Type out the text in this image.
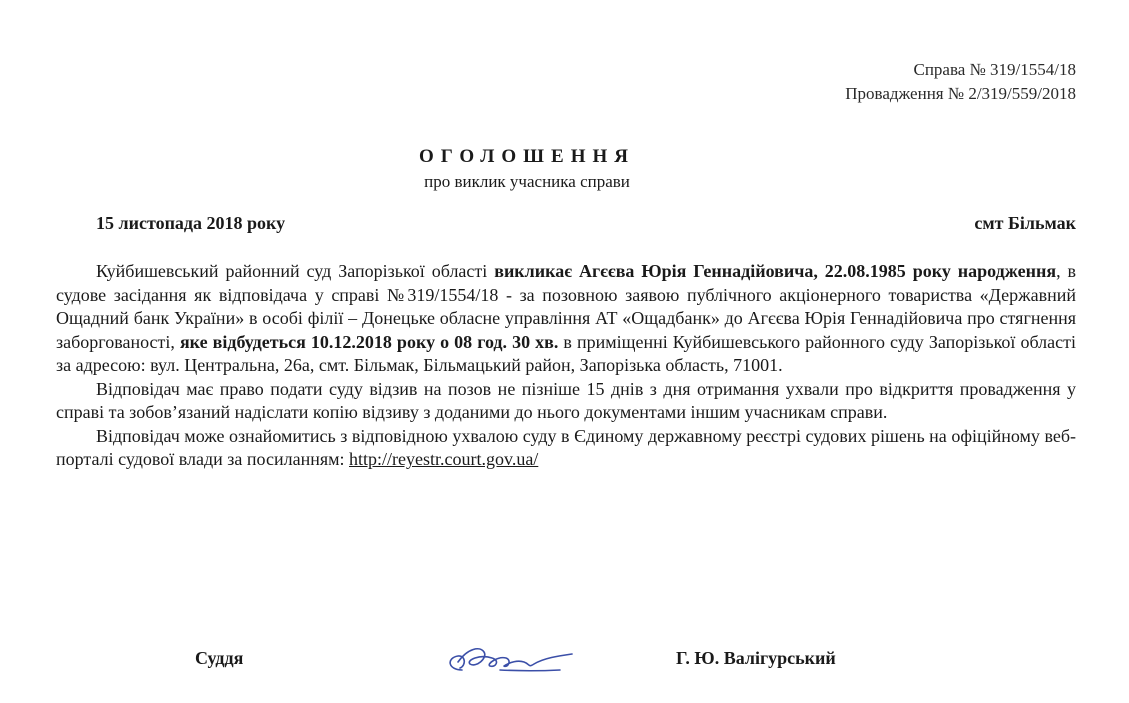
Справа № 319/1554/18
Провадження № 2/319/559/2018
ОГОЛОШЕННЯ
про виклик учасника справи
15 листопада 2018 року	смт Більмак

Куйбишевський районний суд Запорізької області викликає Агєєва Юрія Геннадійовича, 22.08.1985 року народження, в судове засідання як відповідача у справі №319/1554/18 - за позовною заявою публічного акціонерного товариства «Державний Ощадний банк України» в особі філії – Донецьке обласне управління АТ «Ощадбанк» до Агєєва Юрія Геннадійовича про стягнення заборгованості, яке відбудеться 10.12.2018 року о 08 год. 30 хв. в приміщенні Куйбишевського районного суду Запорізької області за адресою: вул. Центральна, 26а, смт. Більмак, Більмацький район, Запорізька область, 71001.

Відповідач має право подати суду відзив на позов не пізніше 15 днів з дня отримання ухвали про відкриття провадження у справі та зобов’язаний надіслати копію відзиву з доданими до нього документами іншим учасникам справи.

Відповідач може ознайомитись з відповідною ухвалою суду в Єдиному державному реєстрі судових рішень на офіційному веб-порталі судової влади за посиланням: http://reyestr.court.gov.ua/

Суддя	Г. Ю. Валігурський
